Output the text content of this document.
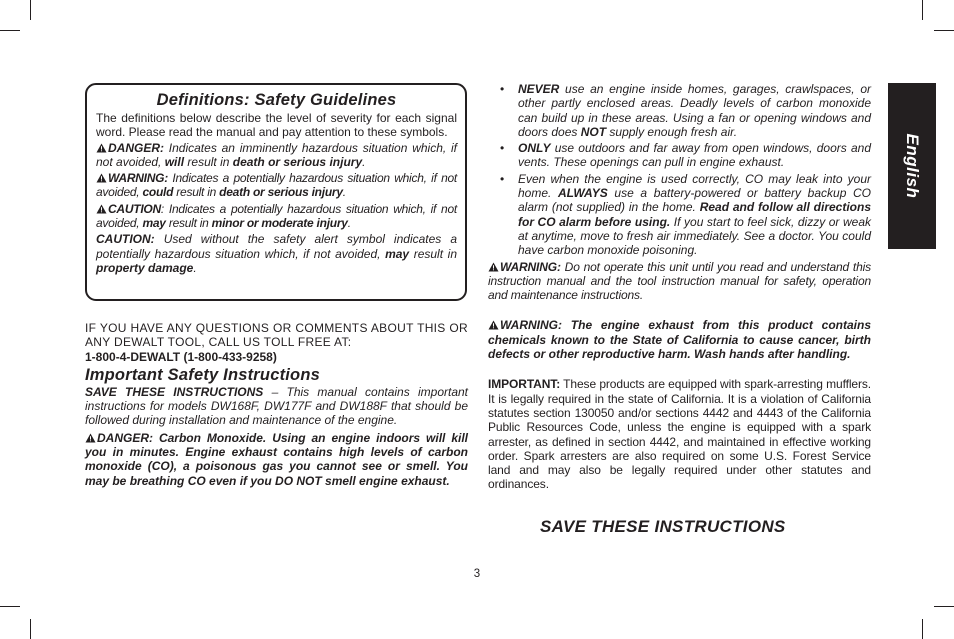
English
Definitions: Safety Guidelines

The definitions below describe the level of severity for each signal word. Please read the manual and pay attention to these symbols.

DANGER: Indicates an imminently hazardous situation which, if not avoided, will result in death or serious injury.

WARNING: Indicates a potentially hazardous situation which, if not avoided, could result in death or serious injury.

CAUTION: Indicates a potentially hazardous situation which, if not avoided, may result in minor or moderate injury.

CAUTION: Used without the safety alert symbol indicates a potentially hazardous situation which, if not avoided, may result in property damage.

IF YOU HAVE ANY QUESTIONS OR COMMENTS ABOUT THIS OR ANY DEWALT TOOL, CALL US TOLL FREE AT:

1-800-4-DEWALT (1-800-433-9258)

Important Safety Instructions

SAVE THESE INSTRUCTIONS – This manual contains important instructions for models DW168F, DW177F and DW188F that should be followed during installation and maintenance of the engine.

DANGER: Carbon Monoxide. Using an engine indoors will kill you in minutes. Engine exhaust contains high levels of carbon monoxide (CO), a poisonous gas you cannot see or smell. You may be breathing CO even if you DO NOT smell engine exhaust.

• NEVER use an engine inside homes, garages, crawlspaces, or other partly enclosed areas. Deadly levels of carbon monoxide can build up in these areas. Using a fan or opening windows and doors does NOT supply enough fresh air.
• ONLY use outdoors and far away from open windows, doors and vents. These openings can pull in engine exhaust.
• Even when the engine is used correctly, CO may leak into your home. ALWAYS use a battery-powered or battery backup CO alarm (not supplied) in the home. Read and follow all directions for CO alarm before using. If you start to feel sick, dizzy or weak at anytime, move to fresh air immediately. See a doctor. You could have carbon monoxide poisoning.

WARNING: Do not operate this unit until you read and understand this instruction manual and the tool instruction manual for safety, operation and maintenance instructions.

WARNING: The engine exhaust from this product contains chemicals known to the State of California to cause cancer, birth defects or other reproductive harm. Wash hands after handling.

IMPORTANT: These products are equipped with spark-arresting mufflers. It is legally required in the state of California. It is a violation of California statutes section 130050 and/or sections 4442 and 4443 of the California Public Resources Code, unless the engine is equipped with a spark arrester, as defined in section 4442, and maintained in effective working order. Spark arresters are also required on some U.S. Forest Service land and may also be legally required under other statutes and ordinances.

SAVE THESE INSTRUCTIONS
3
